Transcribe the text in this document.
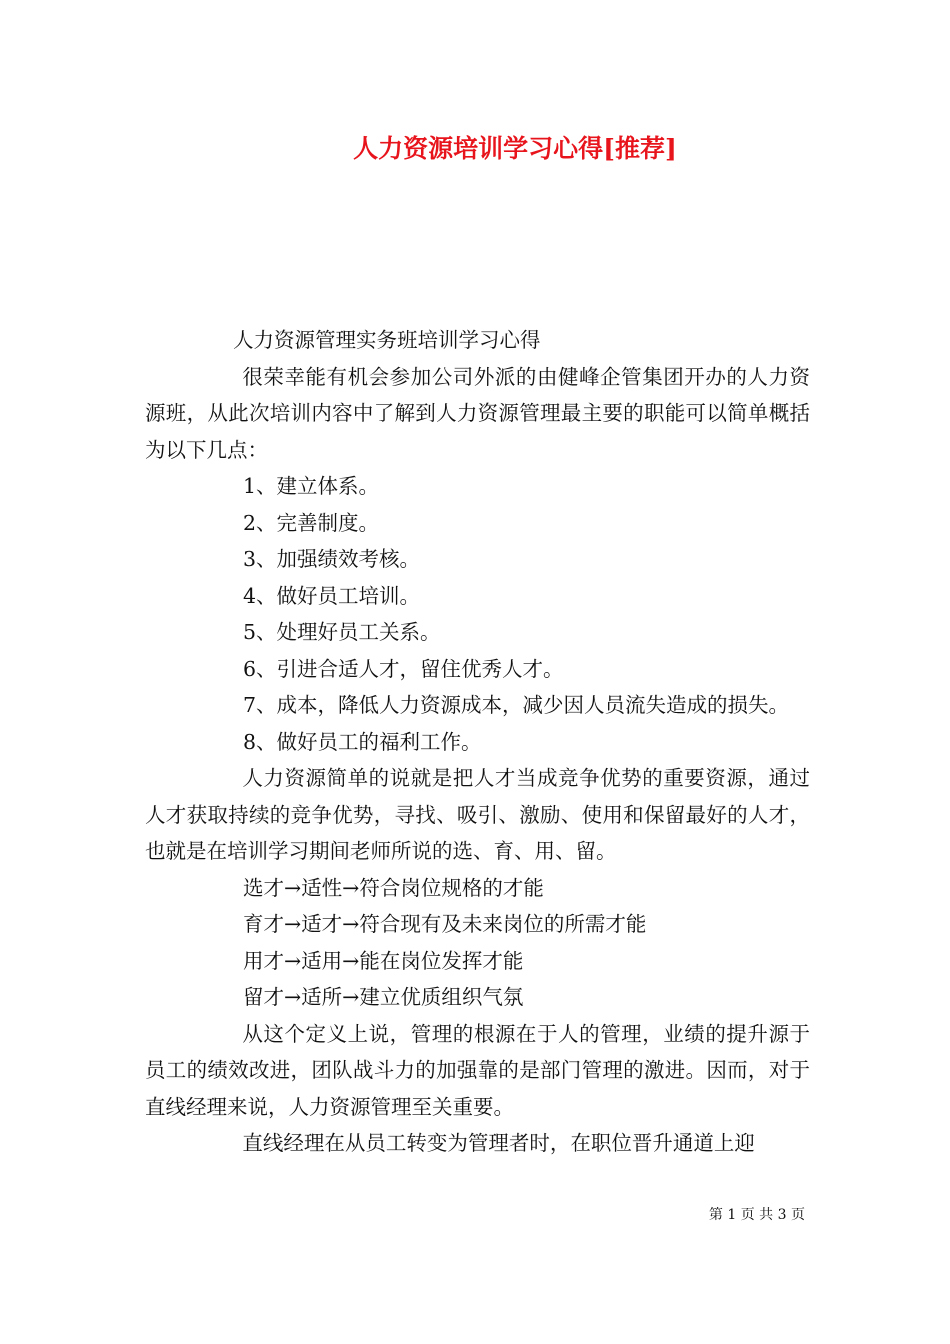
人力资源培训学习心得[推荐]

人力资源管理实务班培训学习心得

很荣幸能有机会参加公司外派的由健峰企管集团开办的人力资源班，从此次培训内容中了解到人力资源管理最主要的职能可以简单概括为以下几点：

1、建立体系。

2、完善制度。

3、加强绩效考核。

4、做好员工培训。

5、处理好员工关系。

6、引进合适人才，留住优秀人才。

7、成本，降低人力资源成本，减少因人员流失造成的损失。

8、做好员工的福利工作。

人力资源简单的说就是把人才当成竞争优势的重要资源，通过人才获取持续的竞争优势，寻找、吸引、激励、使用和保留最好的人才，也就是在培训学习期间老师所说的选、育、用、留。

选才→适性→符合岗位规格的才能

育才→适才→符合现有及未来岗位的所需才能

用才→适用→能在岗位发挥才能

留才→适所→建立优质组织气氛

从这个定义上说，管理的根源在于人的管理，业绩的提升源于员工的绩效改进，团队战斗力的加强靠的是部门管理的激进。因而，对于直线经理来说，人力资源管理至关重要。

直线经理在从员工转变为管理者时，在职位晋升通道上迎

第 1 页 共 3 页
